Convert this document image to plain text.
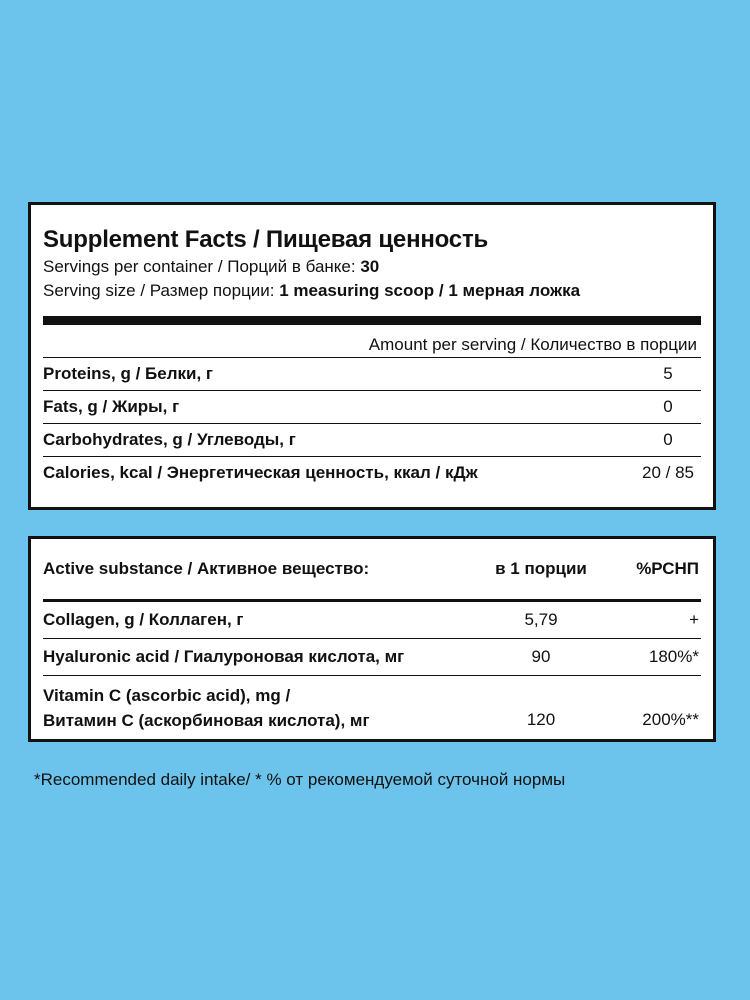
Supplement Facts / Пищевая ценность
Servings per container / Порций в банке: 30
Serving size / Размер порции: 1 measuring scoop / 1 мерная ложка
Amount per serving / Количество в порции
Proteins, g / Белки, г	5
Fats, g / Жиры, г	0
Carbohydrates, g / Углеводы, г	0
Calories, kcal / Энергетическая ценность, ккал / кДж	20 / 85
Active substance / Активное вещество:	в 1 порции	%РСНП
Collagen, g / Коллаген, г	5,79	+
Hyaluronic acid / Гиалуроновая кислота, мг	90	180%*
Vitamin C (ascorbic acid), mg /
Витамин C (аскорбиновая кислота), мг	120	200%**
*Recommended daily intake/ * % от рекомендуемой суточной нормы
